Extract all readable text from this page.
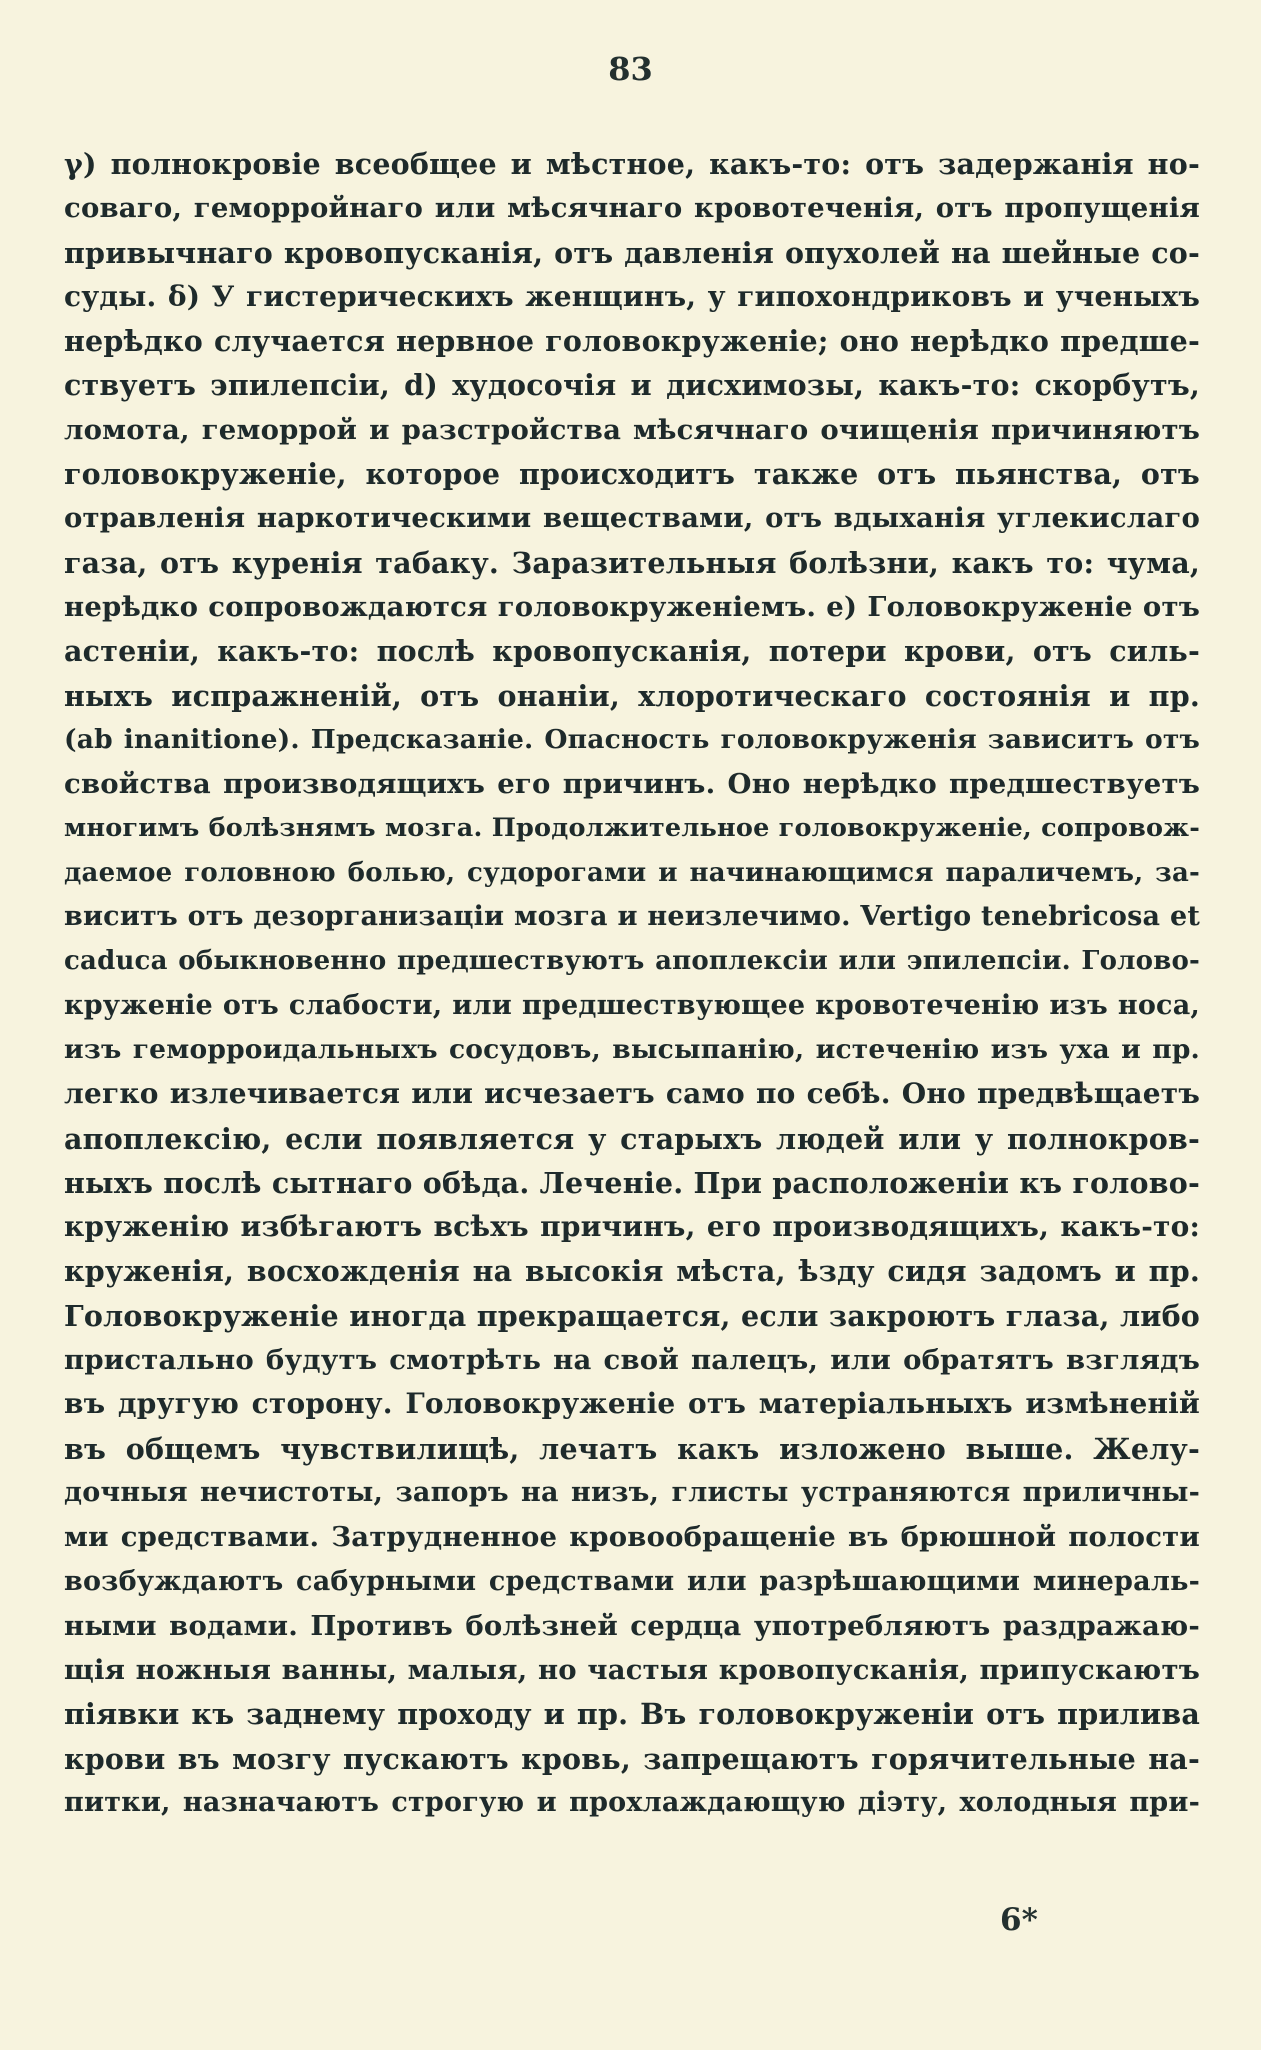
83
γ) полнокровіе всеобщее и мѣстное, какъ-то: отъ задержанія но-
соваго, геморройнаго или мѣсячнаго кровотеченія, отъ пропущенія
привычнаго кровопусканія, отъ давленія опухолей на шейные со-
суды. δ) У гистерическихъ женщинъ, у гипохондриковъ и ученыхъ
нерѣдко случается нервное головокруженіе; оно нерѣдко предше-
ствуетъ эпилепсіи, d) худосочія и дисхимозы, какъ-то: скорбутъ,
ломота, геморрой и разстройства мѣсячнаго очищенія причиняютъ
головокруженіе, которое происходитъ также отъ пьянства, отъ
отравленія наркотическими веществами, отъ вдыханія углекислаго
газа, отъ куренія табаку. Заразительныя болѣзни, какъ то: чума,
нерѣдко сопровождаются головокруженіемъ. e) Головокруженіе отъ
астеніи, какъ-то: послѣ кровопусканія, потери крови, отъ силь-
ныхъ испражненій, отъ онаніи, хлоротическаго состоянія и пр.
(ab inanitione). Предсказаніе. Опасность головокруженія зависитъ отъ
свойства производящихъ его причинъ. Оно нерѣдко предшествуетъ
многимъ болѣзнямъ мозга. Продолжительное головокруженіе, сопровож-
даемое головною болью, судорогами и начинающимся параличемъ, за-
виситъ отъ дезорганизаціи мозга и неизлечимо. Vertigo tenebricosa et
caduca обыкновенно предшествуютъ апоплексіи или эпилепсіи. Голово-
круженіе отъ слабости, или предшествующее кровотеченію изъ носа,
изъ геморроидальныхъ сосудовъ, высыпанію, истеченію изъ уха и пр.
легко излечивается или исчезаетъ само по себѣ. Оно предвѣщаетъ
апоплексію, если появляется у старыхъ людей или у полнокров-
ныхъ послѣ сытнаго обѣда. Леченіе. При расположеніи къ голово-
круженію избѣгаютъ всѣхъ причинъ, его производящихъ, какъ-то:
круженія, восхожденія на высокія мѣста, ѣзду сидя задомъ и пр.
Головокруженіе иногда прекращается, если закроютъ глаза, либо
пристально будутъ смотрѣть на свой палецъ, или обратятъ взглядъ
въ другую сторону. Головокруженіе отъ матеріальныхъ измѣненій
въ общемъ чувствилищѣ, лечатъ какъ изложено выше. Желу-
дочныя нечистоты, запоръ на низъ, глисты устраняются приличны-
ми средствами. Затрудненное кровообращеніе въ брюшной полости
возбуждаютъ сабурными средствами или разрѣшающими минераль-
ными водами. Противъ болѣзней сердца употребляютъ раздражаю-
щія ножныя ванны, малыя, но частыя кровопусканія, припускаютъ
піявки къ заднему проходу и пр. Въ головокруженіи отъ прилива
крови въ мозгу пускаютъ кровь, запрещаютъ горячительные на-
питки, назначаютъ строгую и прохлаждающую діэту, холодныя при-
6*
